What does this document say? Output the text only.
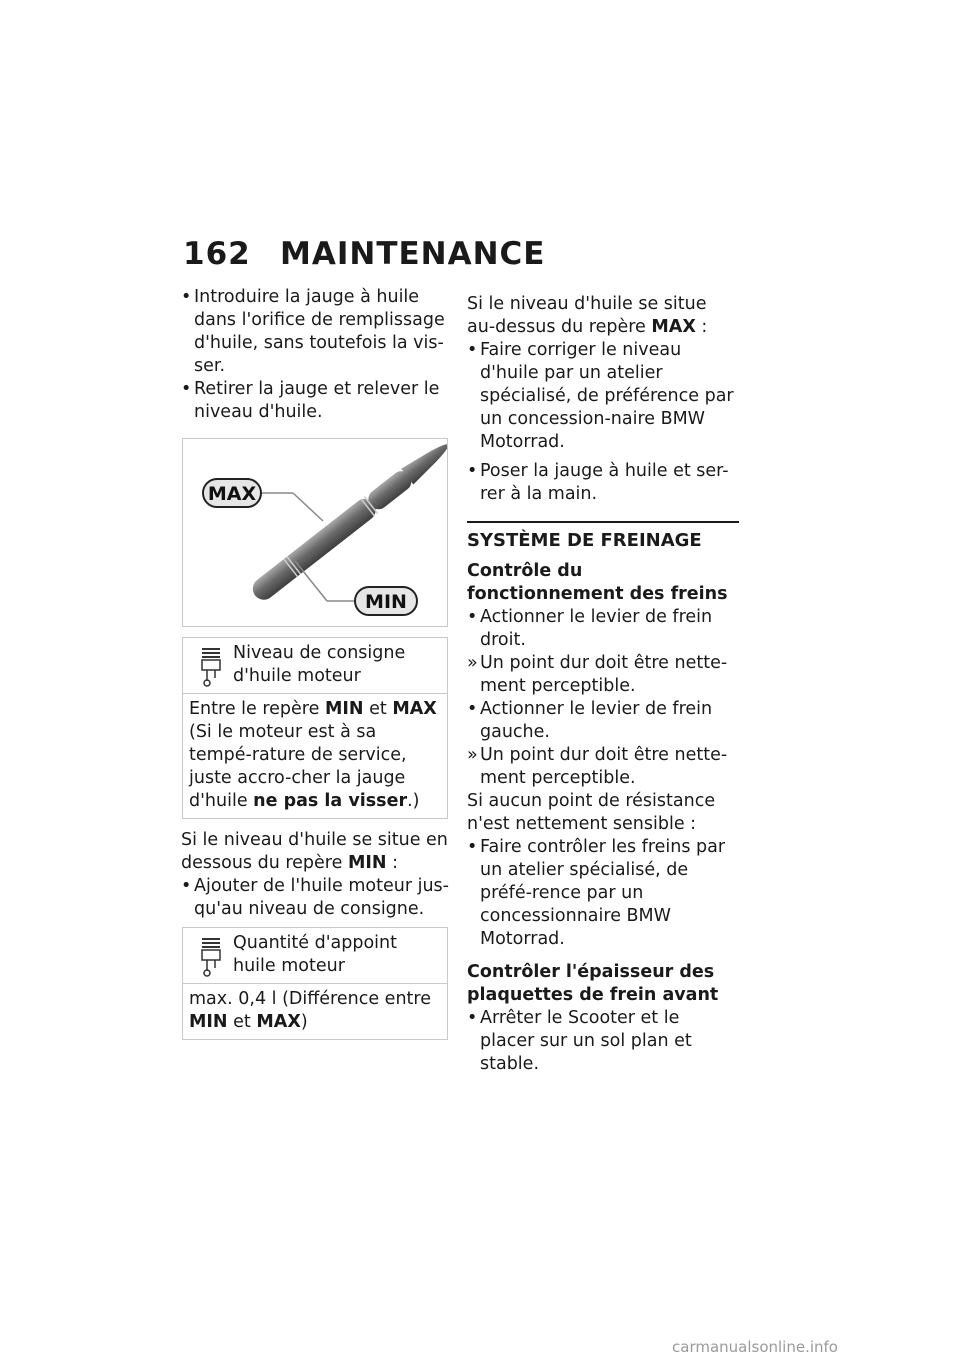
162 MAINTENANCE

• Introduire la jauge à huile dans l'orifice de remplissage d'huile, sans toutefois la vis-ser.

• Retirer la jauge et relever le niveau d'huile.

MAX
MIN
Niveau de consigne d'huile moteur
Entre le repère MIN et MAX (Si le moteur est à sa tempé-rature de service, juste accro-cher la jauge d'huile ne pas la visser.)

Si le niveau d'huile se situe en dessous du repère MIN :

• Ajouter de l'huile moteur jus-qu'au niveau de consigne.

Quantité d'appoint huile moteur
max. 0,4 l (Différence entre MIN et MAX)

Si le niveau d'huile se situe au-dessus du repère MAX :

• Faire corriger le niveau d'huile par un atelier spécialisé, de préférence par un concession-naire BMW Motorrad.

• Poser la jauge à huile et ser-rer à la main.

SYSTÈME DE FREINAGE

Contrôle du fonctionnement des freins

• Actionner le levier de frein droit.

» Un point dur doit être nette-ment perceptible.

• Actionner le levier de frein gauche.

» Un point dur doit être nette-ment perceptible.

Si aucun point de résistance n'est nettement sensible :

• Faire contrôler les freins par un atelier spécialisé, de préfé-rence par un concessionnaire BMW Motorrad.

Contrôler l'épaisseur des plaquettes de frein avant

• Arrêter le Scooter et le placer sur un sol plan et stable.

carmanualsonline.info
